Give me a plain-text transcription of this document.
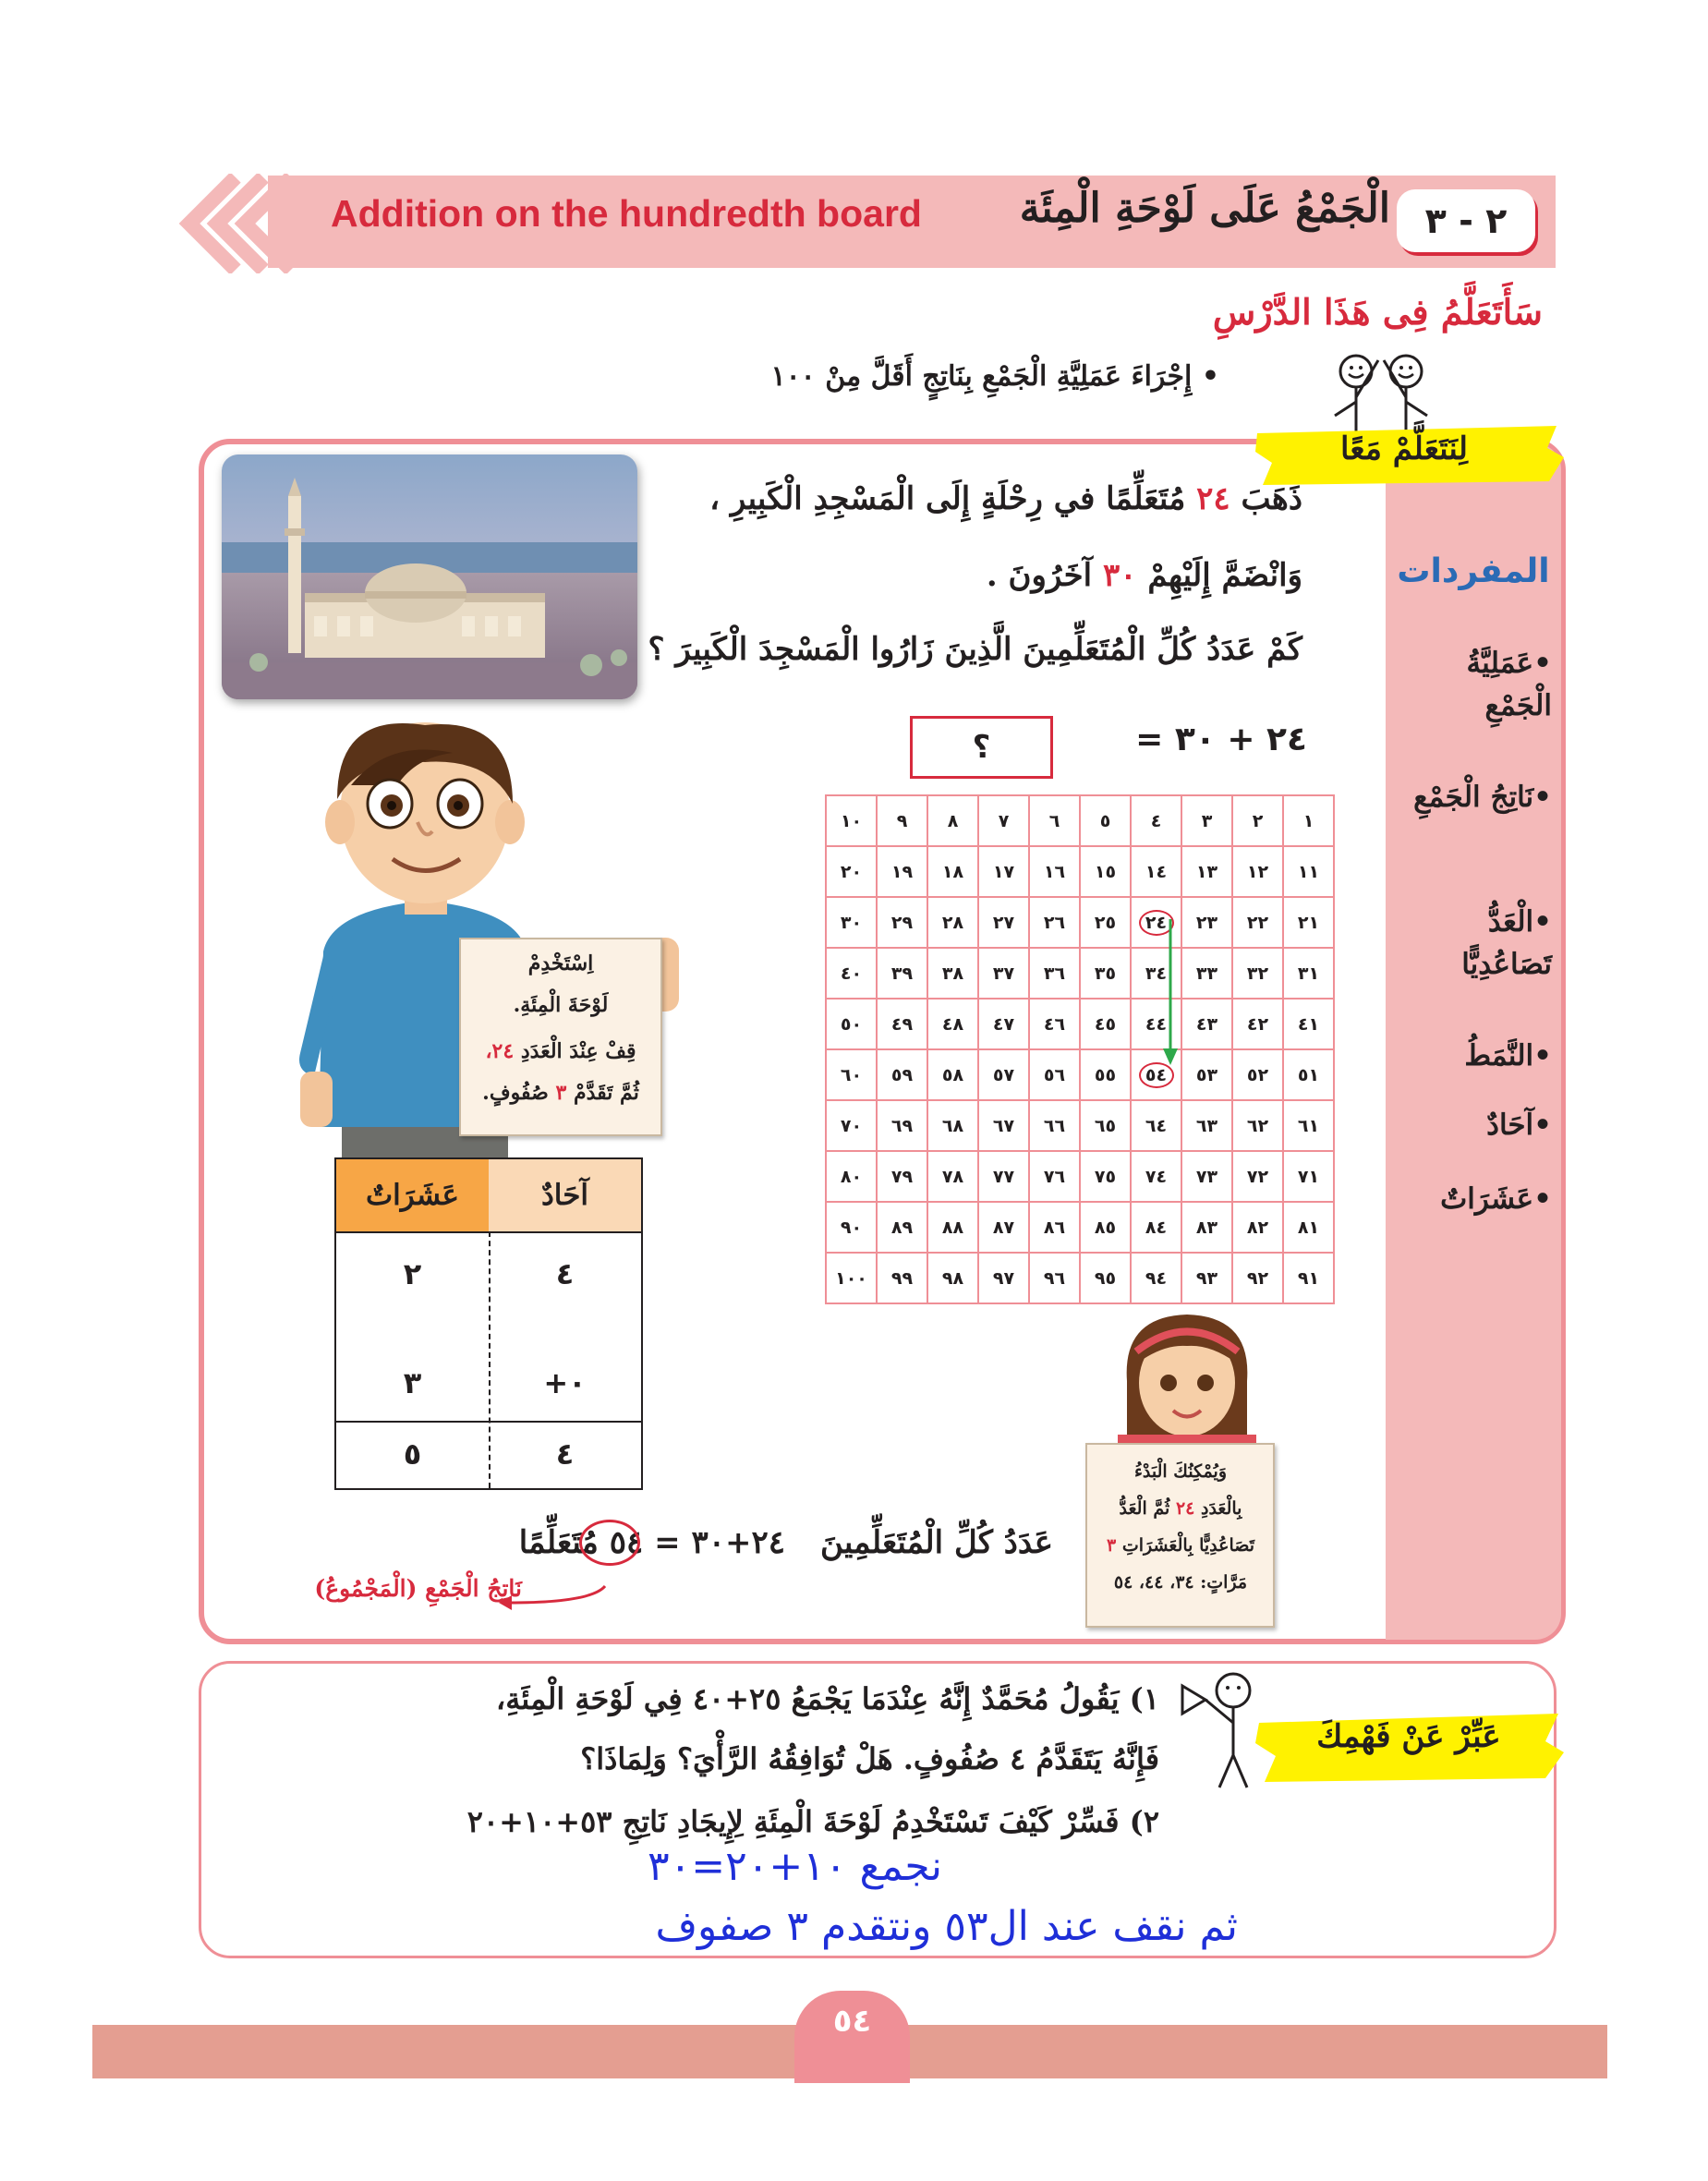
Addition on the hundredth board الْجَمْعُ عَلَى لَوْحَةِ الْمِئَة ٢ - ٣
سَأَتَعَلَّمُ فِى هَذَا الدَّرْسِ
• إِجْرَاءَ عَمَلِيَّةِ الْجَمْعِ بِنَاتِجٍ أَقَلَّ مِنْ ١٠٠
المفردات
•عَمَلِيَّةُ الْجَمْعِ
•نَاتِجُ الْجَمْعِ
•الْعَدُّ تَصَاعُدِيًّا
•النَّمَطُ
•آحَادٌ
•عَشَرَاتٌ
لِنَتَعَلَّمْ مَعًا
ذَهَبَ ٢٤ مُتَعَلِّمًا في رِحْلَةٍ إِلَى الْمَسْجِدِ الْكَبِيرِ ،
وَانْضَمَّ إِلَيْهِمْ ٣٠ آخَرُونَ .
كَمْ عَدَدُ كُلِّ الْمُتَعَلِّمِينَ الَّذِينَ زَارُوا الْمَسْجِدَ الْكَبِيرَ ؟
؟	٢٤ + ٣٠ =
١	٢	٣	٤	٥	٦	٧	٨	٩	١٠
١١	١٢	١٣	١٤	١٥	١٦	١٧	١٨	١٩	٢٠
٢١	٢٢	٢٣	٢٤	٢٥	٢٦	٢٧	٢٨	٢٩	٣٠
٣١	٣٢	٣٣	٣٤	٣٥	٣٦	٣٧	٣٨	٣٩	٤٠
٤١	٤٢	٤٣	٤٤	٤٥	٤٦	٤٧	٤٨	٤٩	٥٠
٥١	٥٢	٥٣	٥٤	٥٥	٥٦	٥٧	٥٨	٥٩	٦٠
٦١	٦٢	٦٣	٦٤	٦٥	٦٦	٦٧	٦٨	٦٩	٧٠
٧١	٧٢	٧٣	٧٤	٧٥	٧٦	٧٧	٧٨	٧٩	٨٠
٨١	٨٢	٨٣	٨٤	٨٥	٨٦	٨٧	٨٨	٨٩	٩٠
٩١	٩٢	٩٣	٩٤	٩٥	٩٦	٩٧	٩٨	٩٩	١٠٠
اِسْتَخْدِمْ
لَوْحَةَ الْمِئَةِ.
قِفْ عِنْدَ الْعَدَدِ ٢٤،
ثُمَّ تَقَدَّمْ ٣ صُفُوفٍ.
عَشَرَاتٌ	آحَادٌ
٢	٤
٣	+٠
٥	٤	وَيُمْكِنُكَ الْبَدْءُ
بِالْعَدَدِ ٢٤ ثُمَّ الْعَدُّ
تَصَاعُدِيًّا بِالْعَشَرَاتِ ٣
مَرَّاتٍ: ٣٤، ٤٤، ٥٤
عَدَدُ كُلِّ الْمُتَعَلِّمِينَ
٢٤+٣٠ = ٥٤ مُتَعَلِّمًا
نَاتِجُ الْجَمْعِ (الْمَجْمُوعُ)
عَبِّرْ عَنْ فَهْمِكَ
١) يَقُولُ مُحَمَّدٌ إِنَّهُ عِنْدَمَا يَجْمَعُ ٢٥+٤٠ فِي لَوْحَةِ الْمِئَةِ،
فَإِنَّهُ يَتَقَدَّمُ ٤ صُفُوفٍ. هَلْ تُوَافِقُهُ الرَّأْيَ؟ وَلِمَاذَا؟
٢) فَسِّرْ كَيْفَ تَسْتَخْدِمُ لَوْحَةَ الْمِئَةِ لِإِيجَادِ نَاتِجِ ٥٣+١٠+٢٠
نجمع ١٠+٢٠=٣٠
ثم نقف عند ال٥٣ ونتقدم ٣ صفوف
٥٤
